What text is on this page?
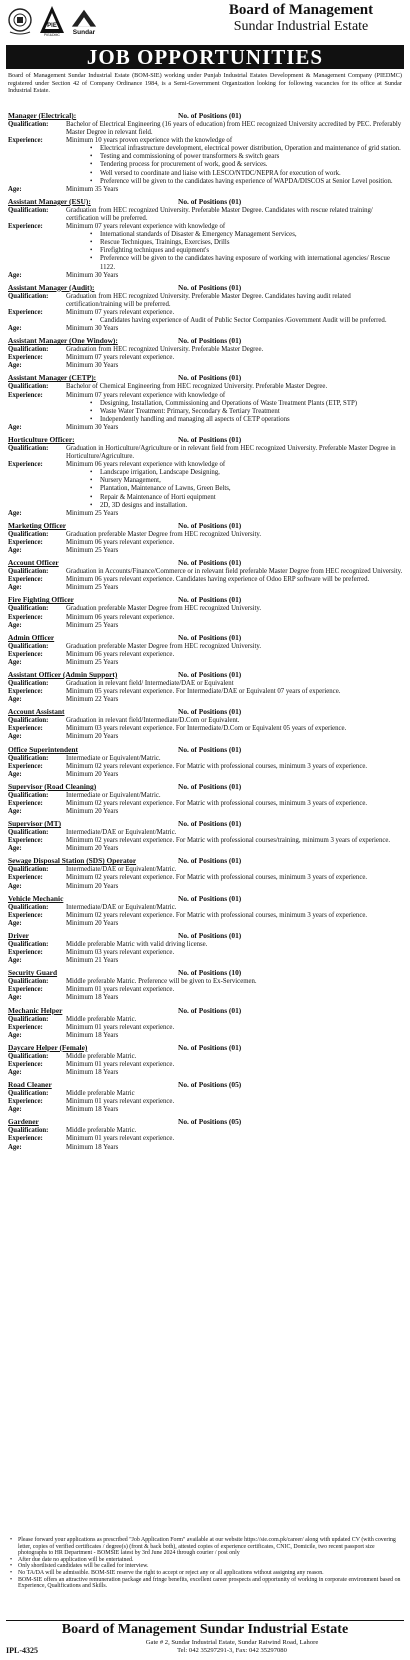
PIE
PIE&DMC Sundar
Board of Management
Sundar Industrial Estate
JOB OPPORTUNITIES
Board of Management Sundar Industrial Estate (BOM-SIE) working under Punjab Industrial Estates Development & Management Company (PIEDMC) registered under Section 42 of Company Ordinance 1984, is a Semi-Government Organization looking for following vacancies for its office at Sundar Industrial Estate.
Manager (Electrical):	No. of Positions (01)
Qualification:	Bachelor of Electrical Engineering (16 years of education) from HEC recognized University accredited by PEC. Preferably Master Degree in relevant field.
Experience:	Minimum 10 years proven experience with the knowledge of
• Electrical infrastructure development, electrical power distribution, Operation and maintenance of grid station.
• Testing and commissioning of power transformers & switch gears
• Tendering process for procurement of work, good & services.
• Well versed to coordinate and liaise with LESCO/NTDC/NEPRA for execution of work.
• Preference will be given to the candidates having experience of WAPDA/DISCOS at Senior Level position.
Age:	Minimum 35 Years
Assistant Manager (ESU):	No. of Positions (01)
Qualification:	Graduation from HEC recognized University. Preferable Master Degree. Candidates with rescue related training/ certification will be preferred.
Experience:	Minimum 07 years relevant experience with knowledge of
• International standards of Disaster & Emergency Management Services,
• Rescue Techniques, Trainings, Exercises, Drills
• Firefighting techniques and equipment's
• Preference will be given to the candidates having exposure of working with international agencies/ Rescue 1122.
Age:	Minimum 30 Years
Assistant Manager (Audit):	No. of Positions (01)
Qualification:	Graduation from HEC recognized University. Preferable Master Degree. Candidates having audit related certification/training will be preferred.
Experience:	Minimum 07 years relevant experience.
• Candidates having experience of Audit of Public Sector Companies /Government Audit will be preferred.
Age:	Minimum 30 Years
Assistant Manager (One Window):	No. of Positions (01)
Qualification:	Graduation from HEC recognized University. Preferable Master Degree.
Experience:	Minimum 07 years relevant experience.
Age:	Minimum 30 Years
Assistant Manager (CETP):	No. of Positions (01)
Qualification:	Bachelor of Chemical Engineering from HEC recognized University. Preferable Master Degree.
Experience:	Minimum 07 years relevant experience with knowledge of
• Designing, Installation, Commissioning and Operations of Waste Treatment Plants (ETP, STP)
• Waste Water Treatment: Primary, Secondary & Tertiary Treatment
• Independently handling and managing all aspects of CETP operations
Age:	Minimum 30 Years
Horticulture Officer:	No. of Positions (01)
Qualification:	Graduation in Horticulture/Agriculture or in relevant field from HEC recognized University. Preferable Master Degree in Horticulture/Agriculture.
Experience:	Minimum 06 years relevant experience with knowledge of
• Landscape irrigation, Landscape Designing,
• Nursery Management,
• Plantation, Maintenance of Lawns, Green Belts,
• Repair & Maintenance of Horti equipment
• 2D, 3D designs and installation.
Age:	Minimum 25 Years
Marketing Officer	No. of Positions (01)
Qualification:	Graduation preferable Master Degree from HEC recognized University.
Experience:	Minimum 06 years relevant experience.
Age:	Minimum 25 Years
Account Officer	No. of Positions (01)
Qualification:	Graduation in Accounts/Finance/Commerce or in relevant field preferable Master Degree from HEC recognized University.
Experience:	Minimum 06 years relevant experience. Candidates having experience of Odoo ERP software will be preferred.
Age:	Minimum 25 Years
Fire Fighting Officer	No. of Positions (01)
Qualification:	Graduation preferable Master Degree from HEC recognized University.
Experience:	Minimum 06 years relevant experience.
Age:	Minimum 25 Years
Admin Officer	No. of Positions (01)
Qualification:	Graduation preferable Master Degree from HEC recognized University.
Experience:	Minimum 06 years relevant experience.
Age:	Minimum 25 Years
Assistant Officer (Admin Support)	No. of Positions (01)
Qualification:	Graduation in relevant field/ Intermediate/DAE or Equivalent
Experience:	Minimum 05 years relevant experience. For Intermediate/DAE or Equivalent 07 years of experience.
Age:	Minimum 22 Years
Account Assistant	No. of Positions (01)
Qualification:	Graduation in relevant field/Intermediate/D.Com or Equivalent.
Experience:	Minimum 03 years relevant experience. For Intermediate/D.Com or Equivalent 05 years of experience.
Age:	Minimum 20 Years
Office Superintendent	No. of Positions (01)
Qualification:	Intermediate or Equivalent/Matric.
Experience:	Minimum 02 years relevant experience. For Matric with professional courses, minimum 3 years of experience.
Age:	Minimum 20 Years
Supervisor (Road Cleaning)	No. of Positions (01)
Qualification:	Intermediate or Equivalent/Matric.
Experience:	Minimum 02 years relevant experience. For Matric with professional courses, minimum 3 years of experience.
Age:	Minimum 20 Years
Supervisor (MT)	No. of Positions (01)
Qualification:	Intermediate/DAE or Equivalent/Matric.
Experience:	Minimum 02 years relevant experience. For Matric with professional courses/training, minimum 3 years of experience.
Age:	Minimum 20 Years
Sewage Disposal Station (SDS) Operator	No. of Positions (01)
Qualification:	Intermediate/DAE or Equivalent/Matric.
Experience:	Minimum 02 years relevant experience. For Matric with professional courses, minimum 3 years of experience.
Age:	Minimum 20 Years
Vehicle Mechanic	No. of Positions (01)
Qualification:	Intermediate/DAE or Equivalent/Matric.
Experience:	Minimum 02 years relevant experience. For Matric with professional courses, minimum 3 years of experience.
Age:	Minimum 20 Years
Driver	No. of Positions (01)
Qualification:	Middle preferable Matric with valid driving license.
Experience:	Minimum 03 years relevant experience.
Age:	Minimum 21 Years
Security Guard	No. of Positions (10)
Qualification:	Middle preferable Matric. Preference will be given to Ex-Servicemen.
Experience:	Minimum 01 years relevant experience.
Age:	Minimum 18 Years
Mechanic Helper	No. of Positions (01)
Qualification:	Middle preferable Matric.
Experience:	Minimum 01 years relevant experience.
Age:	Minimum 18 Years
Daycare Helper (Female)	No. of Positions (01)
Qualification:	Middle preferable Matric.
Experience:	Minimum 01 years relevant experience.
Age:	Minimum 18 Years
Road Cleaner	No. of Positions (05)
Qualification:	Middle preferable Matric
Experience:	Minimum 01 years relevant experience.
Age:	Minimum 18 Years
Gardener	No. of Positions (05)
Qualification:	Middle preferable Matric.
Experience:	Minimum 01 years relevant experience.
Age:	Minimum 18 Years
• Please forward your applications as prescribed "Job Application Form" available at our website https://sie.com.pk/career/ along with updated CV (with covering letter, copies of verified certificates / degree(s) (front & back both), attested copies of experience certificates, CNIC, Domicile, two recent passport size photographs to HR Department - BOMSIE latest by 3rd June 2024 through courier / post only
• After due date no application will be entertained.
• Only shortlisted candidates will be called for interview.
• No TA/DA will be admissible. BOM-SIE reserve the right to accept or reject any or all applications without assigning any reason.
• BOM-SIE offers an attractive remuneration package and fringe benefits, excellent career prospects and opportunity of working in corporate environment based on Experience, Qualifications and Skills.
Board of Management Sundar Industrial Estate
IPL-4325
Gate # 2, Sundar Industrial Estate, Sundar Raiwind Road, Lahore
Tel: 042 35297291-3, Fax: 042 35297080
